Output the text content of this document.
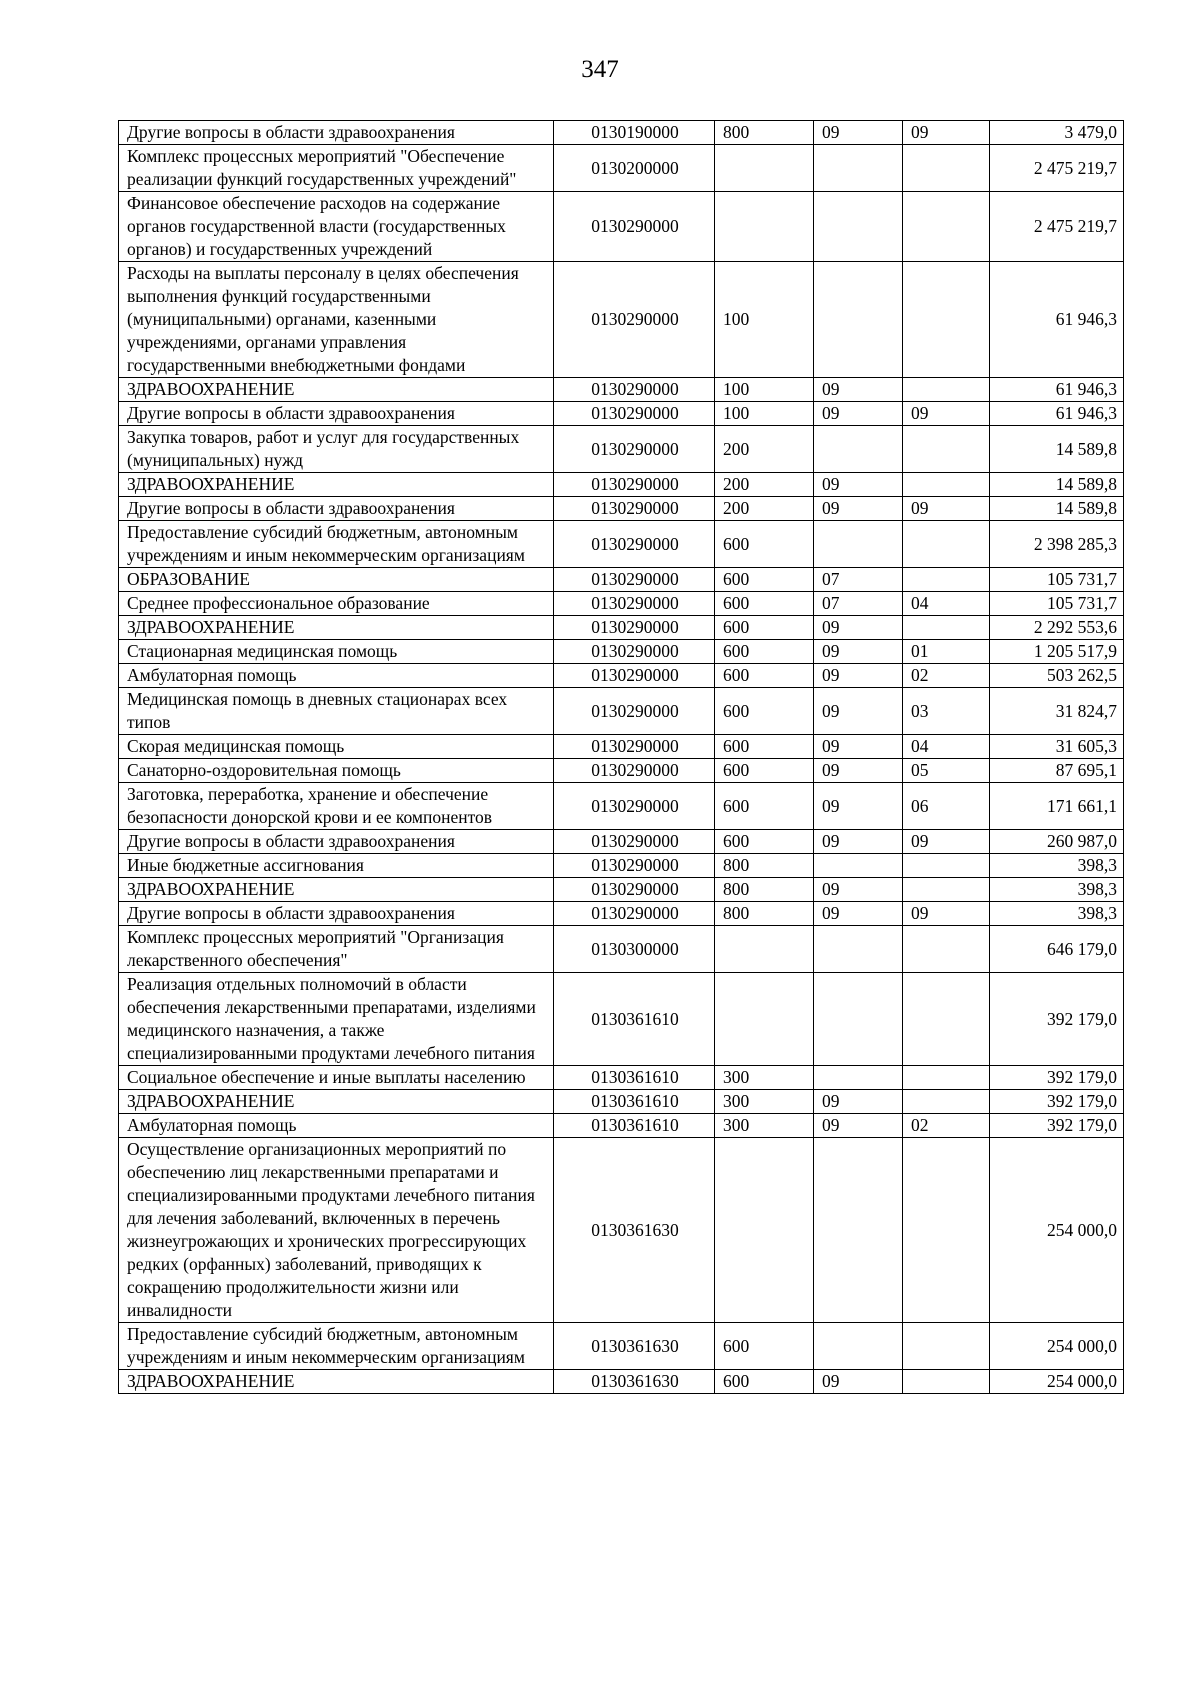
347
Другие вопросы в области здравоохранения	0130190000	800	09	09	3 479,0
Комплекс процессных мероприятий "Обеспечение реализации функций государственных учреждений"	0130200000				2 475 219,7
Финансовое обеспечение расходов на содержание органов государственной власти (государственных органов) и государственных учреждений	0130290000				2 475 219,7
Расходы на выплаты персоналу в целях обеспечения выполнения функций государственными (муниципальными) органами, казенными учреждениями, органами управления государственными внебюджетными фондами	0130290000	100			61 946,3
ЗДРАВООХРАНЕНИЕ	0130290000	100	09		61 946,3
Другие вопросы в области здравоохранения	0130290000	100	09	09	61 946,3
Закупка товаров, работ и услуг для государственных (муниципальных) нужд	0130290000	200			14 589,8
ЗДРАВООХРАНЕНИЕ	0130290000	200	09		14 589,8
Другие вопросы в области здравоохранения	0130290000	200	09	09	14 589,8
Предоставление субсидий бюджетным, автономным учреждениям и иным некоммерческим организациям	0130290000	600			2 398 285,3
ОБРАЗОВАНИЕ	0130290000	600	07		105 731,7
Среднее профессиональное образование	0130290000	600	07	04	105 731,7
ЗДРАВООХРАНЕНИЕ	0130290000	600	09		2 292 553,6
Стационарная медицинская помощь	0130290000	600	09	01	1 205 517,9
Амбулаторная помощь	0130290000	600	09	02	503 262,5
Медицинская помощь в дневных стационарах всех типов	0130290000	600	09	03	31 824,7
Скорая медицинская помощь	0130290000	600	09	04	31 605,3
Санаторно-оздоровительная помощь	0130290000	600	09	05	87 695,1
Заготовка, переработка, хранение и обеспечение безопасности донорской крови и ее компонентов	0130290000	600	09	06	171 661,1
Другие вопросы в области здравоохранения	0130290000	600	09	09	260 987,0
Иные бюджетные ассигнования	0130290000	800			398,3
ЗДРАВООХРАНЕНИЕ	0130290000	800	09		398,3
Другие вопросы в области здравоохранения	0130290000	800	09	09	398,3
Комплекс процессных мероприятий "Организация лекарственного обеспечения"	0130300000				646 179,0
Реализация отдельных полномочий в области обеспечения лекарственными препаратами, изделиями медицинского назначения, а также специализированными продуктами лечебного питания	0130361610				392 179,0
Социальное обеспечение и иные выплаты населению	0130361610	300			392 179,0
ЗДРАВООХРАНЕНИЕ	0130361610	300	09		392 179,0
Амбулаторная помощь	0130361610	300	09	02	392 179,0
Осуществление организационных мероприятий по обеспечению лиц лекарственными препаратами и специализированными продуктами лечебного питания для лечения заболеваний, включенных в перечень жизнеугрожающих и хронических прогрессирующих редких (орфанных) заболеваний, приводящих к сокращению продолжительности жизни или инвалидности	0130361630				254 000,0
Предоставление субсидий бюджетным, автономным учреждениям и иным некоммерческим организациям	0130361630	600			254 000,0
ЗДРАВООХРАНЕНИЕ	0130361630	600	09		254 000,0
